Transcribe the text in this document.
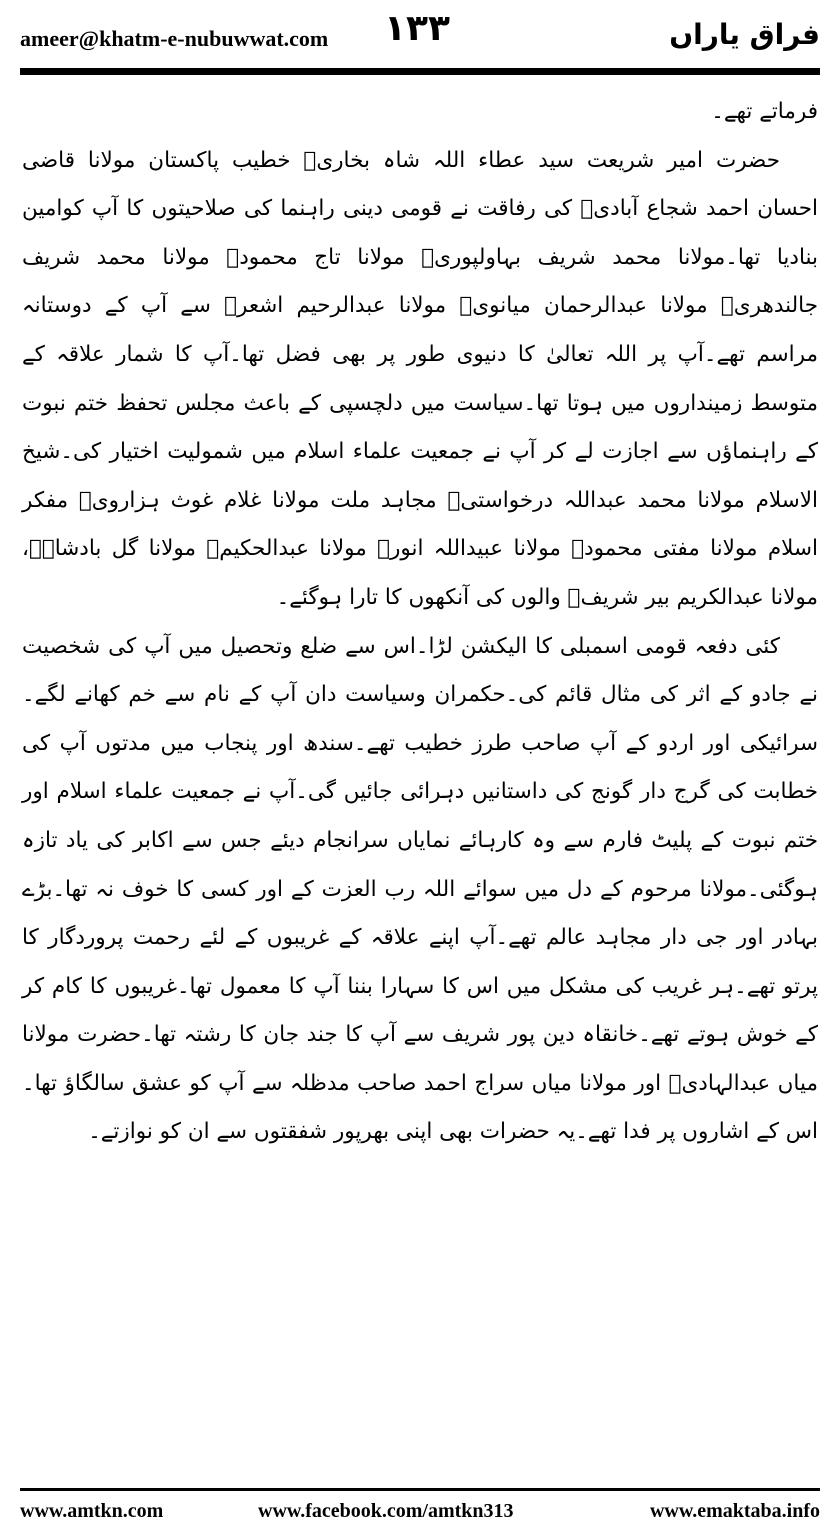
ameer@khatm-e-nubuwwat.com ۱۳۳	فراق یاراں

فرماتے تھے۔

حضرت امیر شریعت سید عطاء اللہ شاہ بخاریؒ خطیب پاکستان مولانا قاضی احسان احمد شجاع آبادیؒ کی رفاقت نے قومی دینی راہنما کی صلاحیتوں کا آپ کوامین بنادیا تھا۔مولانا محمد شریف بہاولپوریؒ مولانا تاج محمودؒ مولانا محمد شریف جالندھریؒ مولانا عبدالرحمان میانویؒ مولانا عبدالرحیم اشعرؒ سے آپ کے دوستانہ مراسم تھے۔آپ پر اللہ تعالیٰ کا دنیوی طور پر بھی فضل تھا۔آپ کا شمار علاقہ کے متوسط زمینداروں میں ہوتا تھا۔سیاست میں دلچسپی کے باعث مجلس تحفظ ختم نبوت کے راہنماؤں سے اجازت لے کر آپ نے جمعیت علماء اسلام میں شمولیت اختیار کی۔شیخ الاسلام مولانا محمد عبداللہ درخواستیؒ مجاہد ملت مولانا غلام غوث ہزارویؒ مفکر اسلام مولانا مفتی محمودؒ مولانا عبیداللہ انورؒ مولانا عبدالحکیمؒ مولانا گل بادشاہؒ، مولانا عبدالکریم بیر شریفؒ والوں کی آنکھوں کا تارا ہوگئے۔

کئی دفعہ قومی اسمبلی کا الیکشن لڑا۔اس سے ضلع وتحصیل میں آپ کی شخصیت نے جادو کے اثر کی مثال قائم کی۔حکمران وسیاست دان آپ کے نام سے خم کھانے لگے۔سرائیکی اور اردو کے آپ صاحب طرز خطیب تھے۔سندھ اور پنجاب میں مدتوں آپ کی خطابت کی گرج دار گونج کی داستانیں دہرائی جائیں گی۔آپ نے جمعیت علماء اسلام اور ختم نبوت کے پلیٹ فارم سے وہ کارہائے نمایاں سرانجام دیئے جس سے اکابر کی یاد تازہ ہوگئی۔مولانا مرحوم کے دل میں سوائے اللہ رب العزت کے اور کسی کا خوف نہ تھا۔بڑے بہادر اور جی دار مجاہد عالم تھے۔آپ اپنے علاقہ کے غریبوں کے لئے رحمت پروردگار کا پرتو تھے۔ہر غریب کی مشکل میں اس کا سہارا بننا آپ کا معمول تھا۔غریبوں کا کام کر کے خوش ہوتے تھے۔خانقاہ دین پور شریف سے آپ کا جند جان کا رشتہ تھا۔حضرت مولانا میاں عبدالہادیؒ اور مولانا میاں سراج احمد صاحب مدظلہ سے آپ کو عشق سالگاؤ تھا۔اس کے اشاروں پر فدا تھے۔یہ حضرات بھی اپنی بھرپور شفقتوں سے ان کو نوازتے۔

www.amtkn.com	www.facebook.com/amtkn313	www.emaktaba.info
